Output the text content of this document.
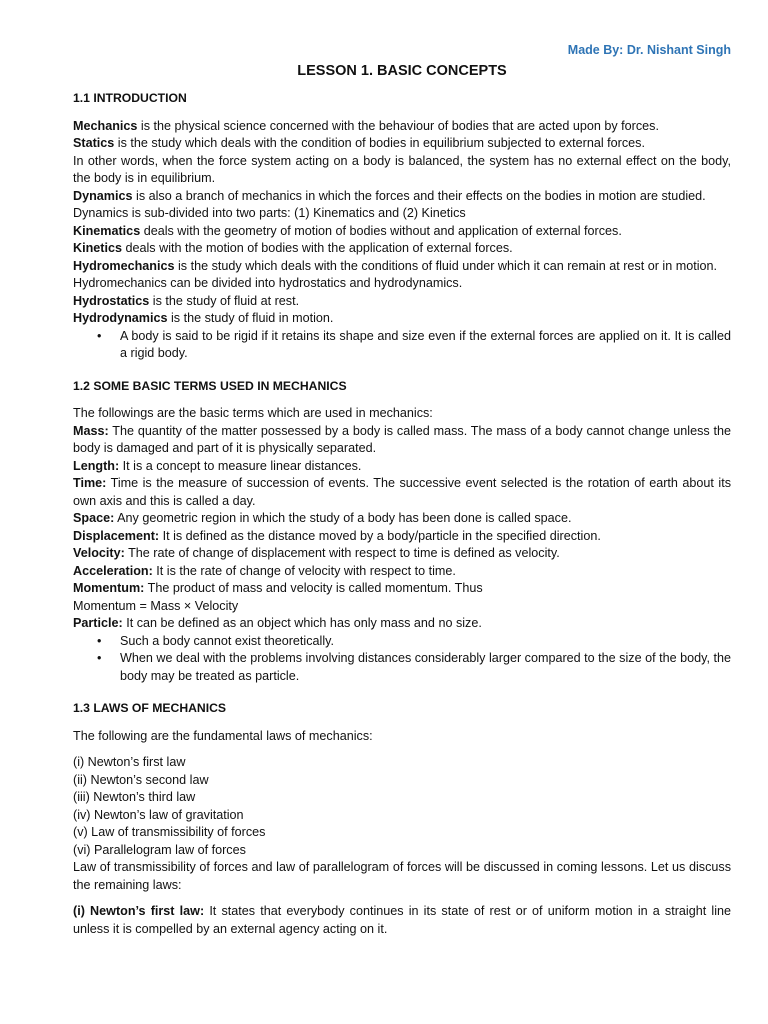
Made By: Dr. Nishant Singh
LESSON 1. BASIC CONCEPTS
1.1 INTRODUCTION

Mechanics is the physical science concerned with the behaviour of bodies that are acted upon by forces.

Statics is the study which deals with the condition of bodies in equilibrium subjected to external forces.

In other words, when the force system acting on a body is balanced, the system has no external effect on the body, the body is in equilibrium.

Dynamics is also a branch of mechanics in which the forces and their effects on the bodies in motion are studied.

Dynamics is sub-divided into two parts: (1) Kinematics and (2) Kinetics

Kinematics deals with the geometry of motion of bodies without and application of external forces.

Kinetics deals with the motion of bodies with the application of external forces.

Hydromechanics is the study which deals with the conditions of fluid under which it can remain at rest or in motion.

Hydromechanics can be divided into hydrostatics and hydrodynamics.

Hydrostatics is the study of fluid at rest.

Hydrodynamics is the study of fluid in motion.

• A body is said to be rigid if it retains its shape and size even if the external forces are applied on it. It is called a rigid body.
1.2 SOME BASIC TERMS USED IN MECHANICS

The followings are the basic terms which are used in mechanics:

Mass: The quantity of the matter possessed by a body is called mass. The mass of a body cannot change unless the body is damaged and part of it is physically separated.

Length: It is a concept to measure linear distances.

Time: Time is the measure of succession of events. The successive event selected is the rotation of earth about its own axis and this is called a day.

Space: Any geometric region in which the study of a body has been done is called space.

Displacement: It is defined as the distance moved by a body/particle in the specified direction.

Velocity: The rate of change of displacement with respect to time is defined as velocity.

Acceleration: It is the rate of change of velocity with respect to time.

Momentum: The product of mass and velocity is called momentum. Thus

Momentum = Mass × Velocity

Particle: It can be defined as an object which has only mass and no size.

• Such a body cannot exist theoretically.
• When we deal with the problems involving distances considerably larger compared to the size of the body, the body may be treated as particle.
1.3 LAWS OF MECHANICS

The following are the fundamental laws of mechanics:

(i) Newton’s first law

(ii) Newton’s second law

(iii) Newton’s third law

(iv) Newton’s law of gravitation

(v) Law of transmissibility of forces

(vi) Parallelogram law of forces

Law of transmissibility of forces and law of parallelogram of forces will be discussed in coming lessons. Let us discuss the remaining laws:

(i) Newton’s first law: It states that everybody continues in its state of rest or of uniform motion in a straight line unless it is compelled by an external agency acting on it.
